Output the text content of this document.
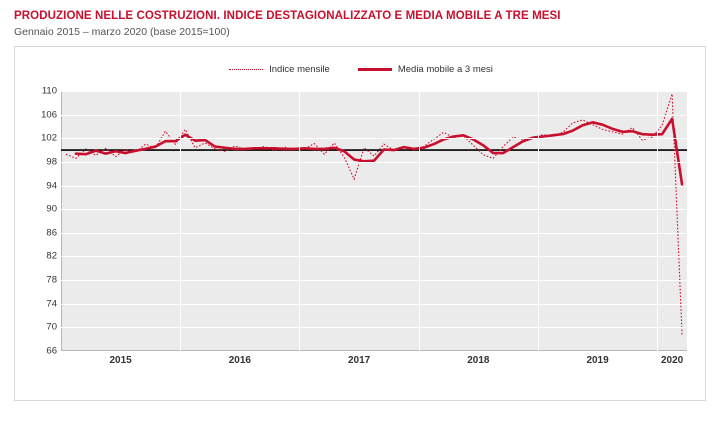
PRODUZIONE NELLE COSTRUZIONI. INDICE DESTAGIONALIZZATO E MEDIA MOBILE A TRE MESI
Gennaio 2015 – marzo 2020 (base 2015=100)
Indice mensile	Media mobile a 3 mesi
66
70
74
78
82
86
90
94
98
102
106
110
2015	2016	2017	2018	2019	2020
